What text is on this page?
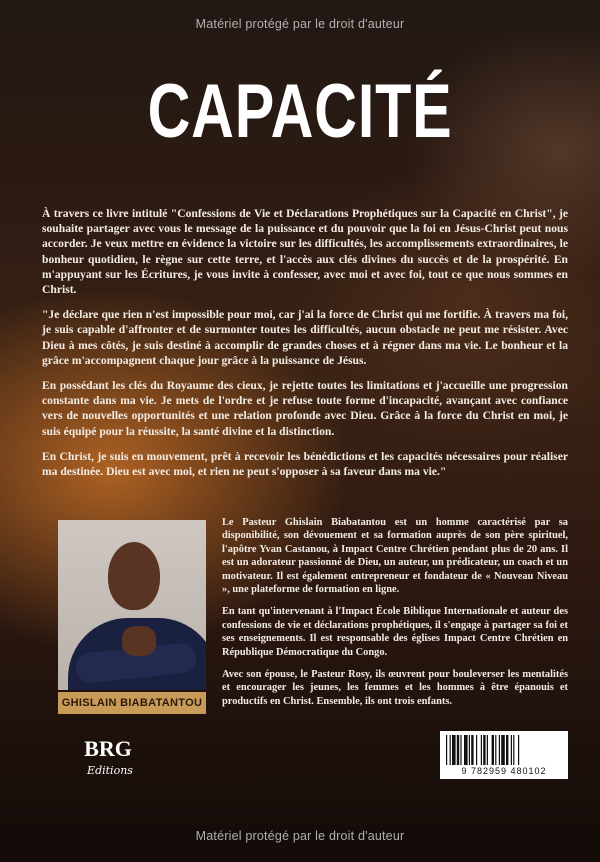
Matériel protégé par le droit d'auteur
CAPACITÉ

À travers ce livre intitulé "Confessions de Vie et Déclarations Prophétiques sur la Capacité en Christ", je souhaite partager avec vous le message de la puissance et du pouvoir que la foi en Jésus-Christ peut nous accorder. Je veux mettre en évidence la victoire sur les difficultés, les accomplissements extraordinaires, le bonheur quotidien, le règne sur cette terre, et l'accès aux clés divines du succès et de la prospérité. En m'appuyant sur les Écritures, je vous invite à confesser, avec moi et avec foi, tout ce que nous sommes en Christ.

"Je déclare que rien n'est impossible pour moi, car j'ai la force de Christ qui me fortifie. À travers ma foi, je suis capable d'affronter et de surmonter toutes les difficultés, aucun obstacle ne peut me résister. Avec Dieu à mes côtés, je suis destiné à accomplir de grandes choses et à régner dans ma vie. Le bonheur et la grâce m'accompagnent chaque jour grâce à la puissance de Jésus.

En possédant les clés du Royaume des cieux, je rejette toutes les limitations et j'accueille une progression constante dans ma vie. Je mets de l'ordre et je refuse toute forme d'incapacité, avançant avec confiance vers de nouvelles opportunités et une relation profonde avec Dieu. Grâce à la force du Christ en moi, je suis équipé pour la réussite, la santé divine et la distinction.

En Christ, je suis en mouvement, prêt à recevoir les bénédictions et les capacités nécessaires pour réaliser ma destinée. Dieu est avec moi, et rien ne peut s'opposer à sa faveur dans ma vie."

GHISLAIN BIABATANTOU
BRG
Editions

Le Pasteur Ghislain Biabatantou est un homme caractérisé par sa disponibilité, son dévouement et sa formation auprès de son père spirituel, l'apôtre Yvan Castanou, à Impact Centre Chrétien pendant plus de 20 ans. Il est un adorateur passionné de Dieu, un auteur, un prédicateur, un coach et un motivateur. Il est également entrepreneur et fondateur de « Nouveau Niveau », une plateforme de formation en ligne.

En tant qu'intervenant à l'Impact École Biblique Internationale et auteur des confessions de vie et déclarations prophétiques, il s'engage à partager sa foi et ses enseignements. Il est responsable des églises Impact Centre Chrétien en République Démocratique du Congo.

Avec son épouse, le Pasteur Rosy, ils œuvrent pour bouleverser les mentalités et encourager les jeunes, les femmes et les hommes à être épanouis et productifs en Christ. Ensemble, ils ont trois enfants.

9 782959 480102
Matériel protégé par le droit d'auteur
